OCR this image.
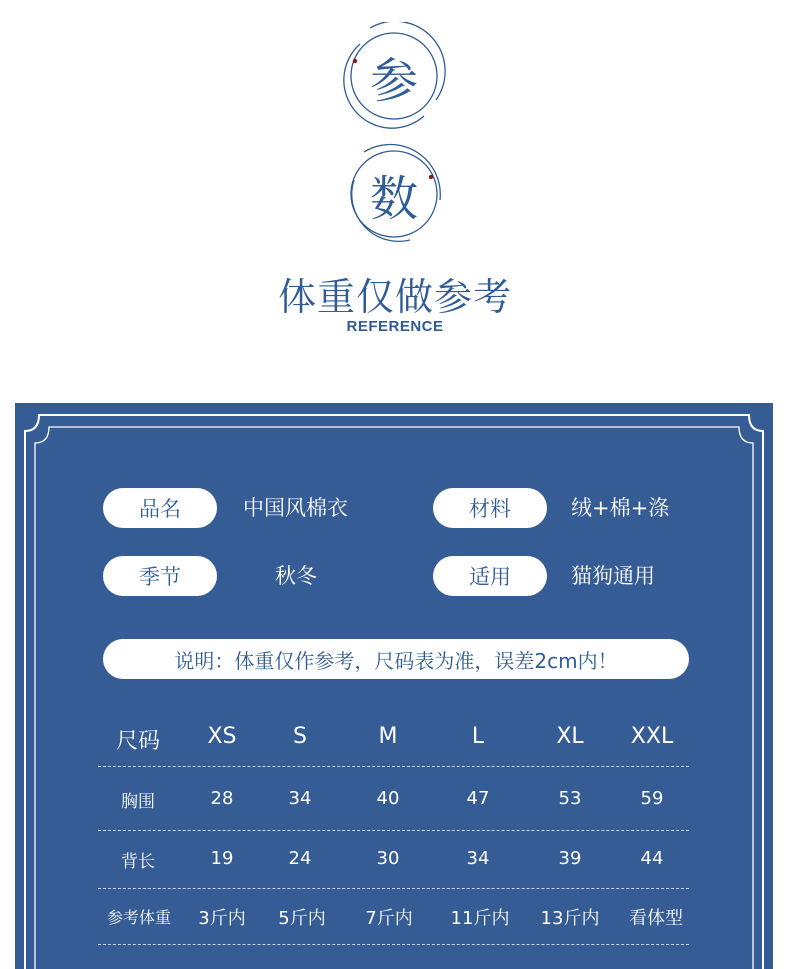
参
数
体重仅做参考
REFERENCE
品名	中国风棉衣	材料	绒+棉+涤
季节	秋冬	适用	猫狗通用
说明：体重仅作参考，尺码表为准，误差2cm内！
尺码	XS	S	M	L	XL	XXL
胸围	28	34	40	47	53	59
背长	19	24	30	34	39	44
参考体重	3斤内	5斤内	7斤内	11斤内	13斤内	看体型
